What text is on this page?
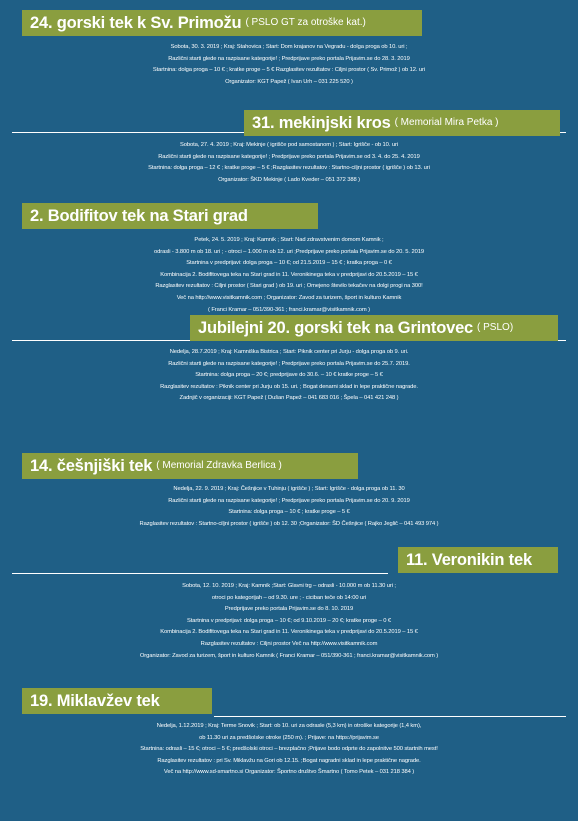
24. gorski tek k Sv. Primožu ( PSLO GT za otroške kat.)
Sobota, 30. 3. 2019 ; Kraj: Stahovica ; Start: Dom krajanov na Vegradu - dolga proga ob 10. uri ;
Različni starti glede na razpisane kategorije! ; Predprijave preko portala Prijavim.se do 28. 3. 2019
Startnina: dolga proga – 10 € ; kratke proge – 5 € Razglasitev rezultatov : Ciljni prostor ( Sv. Primož ) ob 12. uri
Organizator: KGT Papež ( Ivan Urh – 031 225 520 )
31. mekinjski kros ( Memorial Mira Petka )
Sobota, 27. 4. 2019 ; Kraj: Mekinje ( igrišče pod samostanom ) ; Start: Igrišče - ob 10. uri
Različni starti glede na razpisane kategorije! ; Predprijave preko portala Prijavim.se od 3. 4. do 25. 4. 2019
Startnina: dolga proga – 12 € ; kratke proge – 5 € ;Razglasitev rezultatov : Startno-ciljni prostor ( igrišče ) ob 13. uri
Organizator: ŠKD Mekinje ( Lado Kveder – 051 372 388 )
2. Bodifitov tek na Stari grad
Petek, 24. 5. 2019 ; Kraj: Kamnik ; Start: Nad zdravstvenim domom Kamnik ;
odrasli - 3.800 m ob 18. uri ; - otroci – 1.000 m ob 12. uri ;Predprijave preko portala Prijavim.se do 20. 5. 2019
Startnina v predprijavi: dolga proga – 10 €; od 21.5.2019 – 15 € ; kratka proga – 0 €
Kombinacija 2. Bodifitovega teka na Stari grad in 11. Veronikinega teka v predprijavi do 20.5.2019 – 15 €
Razglasitev rezultatov : Ciljni prostor ( Stari grad ) ob 19. uri ; Omejeno število tekačev na dolgi progi na 300!
Več na http://www.visitkamnik.com ; Organizator: Zavod za turizem, šport in kulturo Kamnik
( Franci Kramar – 051/390-361 ; franci.kramar@visitkamnik.com )
Jubilejni 20. gorski tek na Grintovec ( PSLO)
Nedelja, 28.7.2019 ; Kraj: Kamniška Bistrica ; Start: Piknik center pri Jurju - dolga proga ob 9. uri.
Različni starti glede na razpisane kategorije! ; Predprijave preko portala Prijavim.se do 25.7. 2019.
Startnina: dolga proga – 20 €; predprijave do 30.6. – 10 € kratke proge – 5 €
Razglasitev rezultatov : Piknik center pri Jurju ob 15. uri. ; Bogat denarni sklad in lepe praktične nagrade.
Zadnjič v organizaciji: KGT Papež ( Dušan Papež – 041 683 016 ; Špela – 041 421 248 )
14. češnjiški tek ( Memorial Zdravka Berlica )
Nedelja, 22. 9. 2019 ; Kraj: Češnjice v Tuhinju ( igrišče ) ; Start: Igrišče - dolga proga ob 11. 30
Različni starti glede na razpisane kategorije! ; Predprijave preko portala Prijavim.se do 20. 9. 2019
Startnina: dolga proga – 10 € ; kratke proge – 5 €
Razglasitev rezultatov : Startno-ciljni prostor ( igrišče ) ob 12. 30 ;Organizator: ŠD Češnjice ( Rajko Jeglič – 041 493 974 )
11. Veronikin tek
Sobota, 12. 10. 2019 ; Kraj: Kamnik ;Start: Glavni trg – odrasli - 10.000 m ob 11.30 uri ;
otroci po kategorijah – od 9.30. ure ; - ciciban teče ob 14:00 uri
Predprijave preko portala Prijavim.se do 8. 10. 2019
Startnina v predprijavi: dolga proga – 10 €; od 9.10.2019 – 20 €; kratke proge – 0 €
Kombinacija 2. Bodifitovega teka na Stari grad in 11. Veronikinega teka v predprijavi do 20.5.2019 – 15 €
Razglasitev rezultatov : Ciljni prostor Več na http://www.visitkamnik.com
Organizator: Zavod za turizem, šport in kulturo Kamnik ( Franci Kramar – 051/390-361 ; franci.kramar@visitkamnik.com )
19. Miklavžev tek
Nedelja, 1.12.2019 ; Kraj: Terme Snovik ; Start: ob 10. uri za odrasle (5,3 km) in otroške kategorije (1,4 km),
ob 11.30 uri za predšolske otroke (250 m). ; Prijave: na https://prijavim.se
Startnina: odrasli – 15 €; otroci – 5 €; predšolski otroci – brezplačno ;Prijave bodo odprte do zapolnitve 500 startnih mest!
Razglasitev rezultatov : pri Sv. Miklavžu na Gori ob 12.15. ;Bogat nagradni sklad in lepe praktične nagrade.
Več na http://www.sd-smartno.si Organizator: Športno društvo Šmartno ( Tomo Petek – 031 218 384 )
